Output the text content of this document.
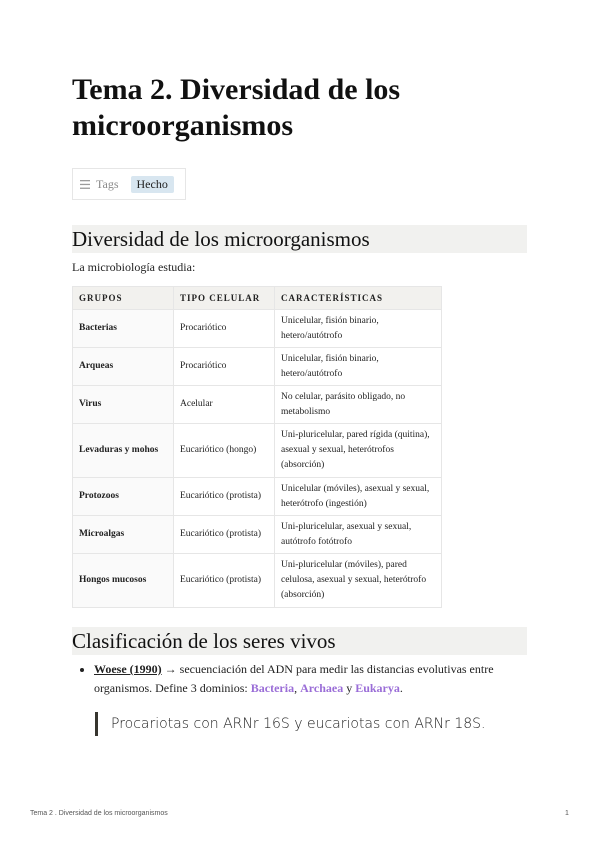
Tema 2. Diversidad de los microorganismos
Tags	Hecho
Diversidad de los microorganismos
La microbiología estudia:
GRUPOS	TIPO CELULAR	CARACTERÍSTICAS
Bacterias	Procariótico	Unicelular, fisión binario, hetero/autótrofo
Arqueas	Procariótico	Unicelular, fisión binario, hetero/autótrofo
Virus	Acelular	No celular, parásito obligado, no metabolismo
Levaduras y mohos	Eucariótico (hongo)	Uni-pluricelular, pared rígida (quitina), asexual y sexual, heterótrofos (absorción)
Protozoos	Eucariótico (protista)	Unicelular (móviles), asexual y sexual, heterótrofo (ingestión)
Microalgas	Eucariótico (protista)	Uni-pluricelular, asexual y sexual, autótrofo fotótrofo
Hongos mucosos	Eucariótico (protista)	Uni-pluricelular (móviles), pared celulosa, asexual y sexual, heterótrofo (absorción)
Clasificación de los seres vivos
Woese (1990) → secuenciación del ADN para medir las distancias evolutivas entre organismos. Define 3 dominios: Bacteria, Archaea y Eukarya.
Procariotas con ARNr 16S y eucariotas con ARNr 18S.
Tema 2 . Diversidad de los microorganismos	1
